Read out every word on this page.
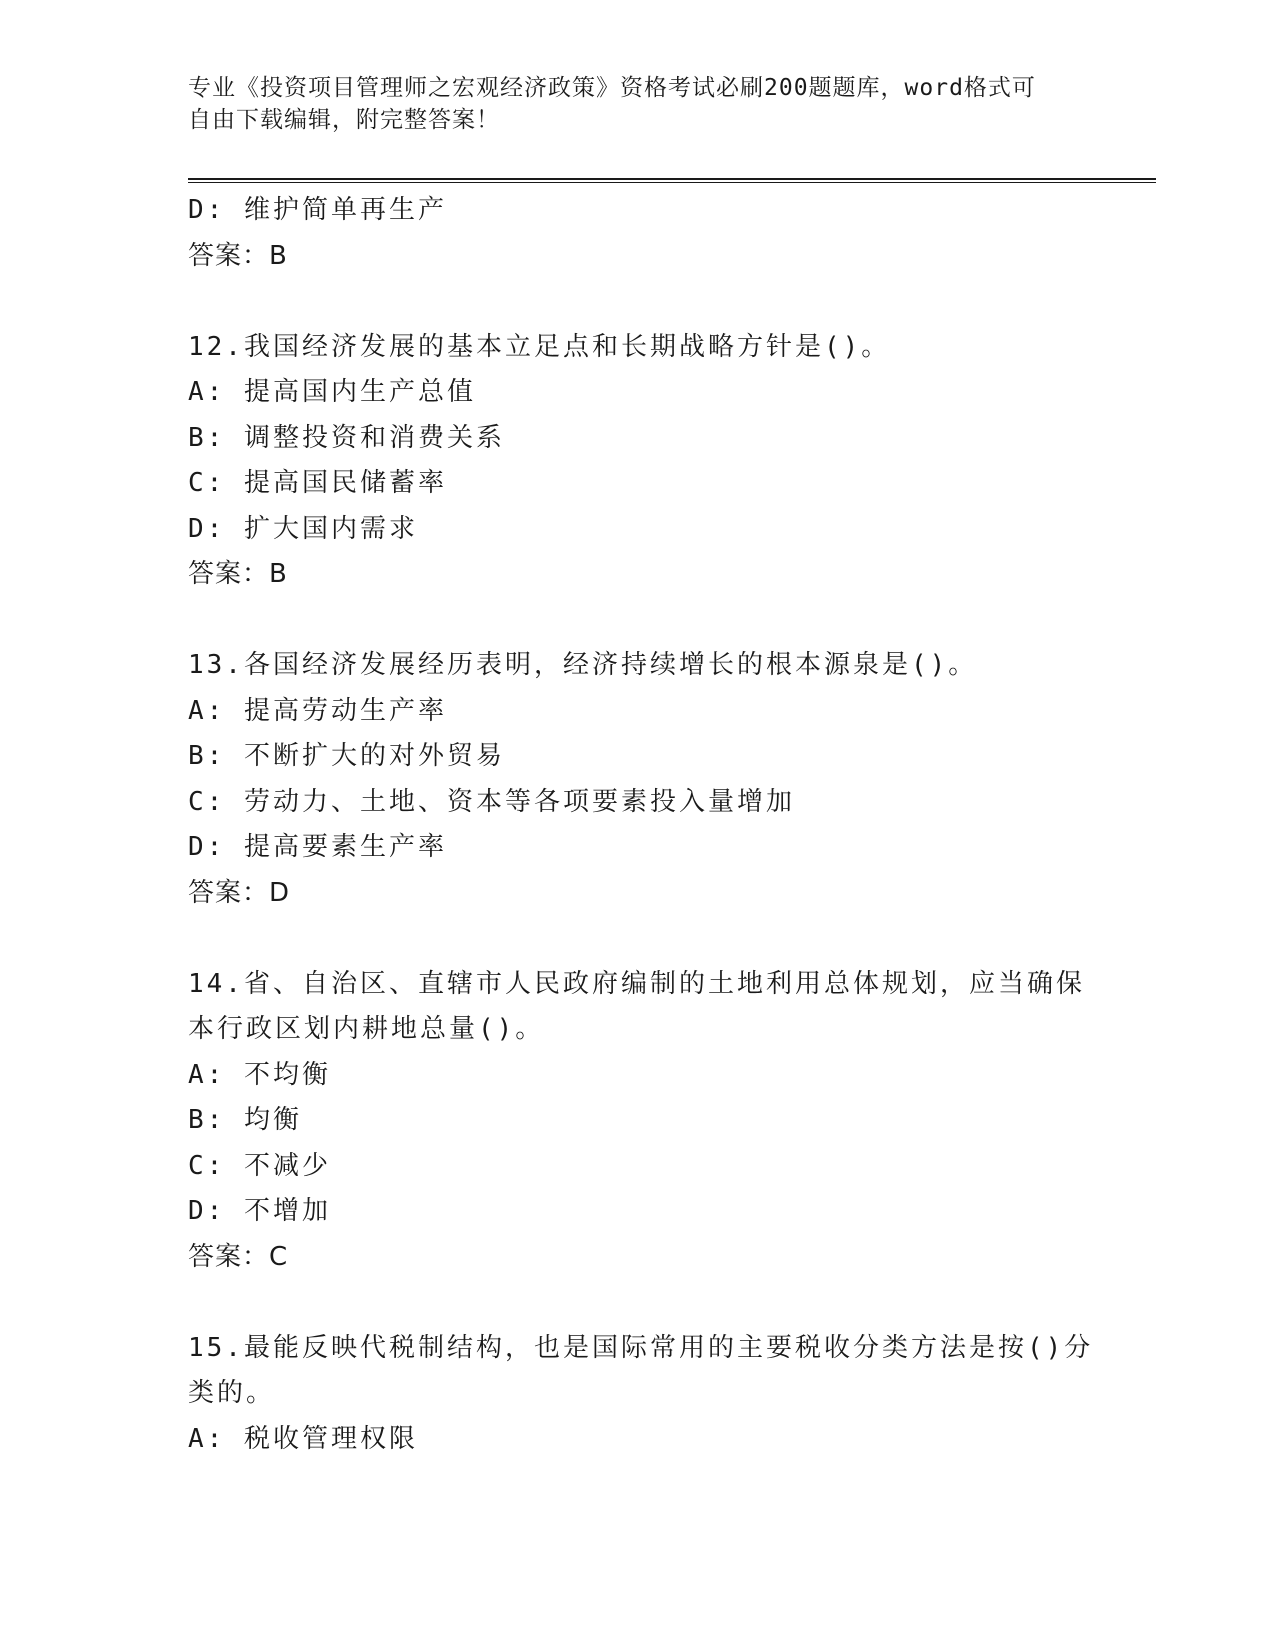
专业《投资项目管理师之宏观经济政策》资格考试必刷200题题库，word格式可
自由下载编辑，附完整答案！
D: 维护简单再生产
答案：B
12.我国经济发展的基本立足点和长期战略方针是()。
A: 提高国内生产总值
B: 调整投资和消费关系
C: 提高国民储蓄率
D: 扩大国内需求
答案：B
13.各国经济发展经历表明，经济持续增长的根本源泉是()。
A: 提高劳动生产率
B: 不断扩大的对外贸易
C: 劳动力、土地、资本等各项要素投入量增加
D: 提高要素生产率
答案：D
14.省、自治区、直辖市人民政府编制的土地利用总体规划，应当确保
本行政区划内耕地总量()。
A: 不均衡
B: 均衡
C: 不减少
D: 不增加
答案：C
15.最能反映代税制结构，也是国际常用的主要税收分类方法是按()分
类的。
A: 税收管理权限
